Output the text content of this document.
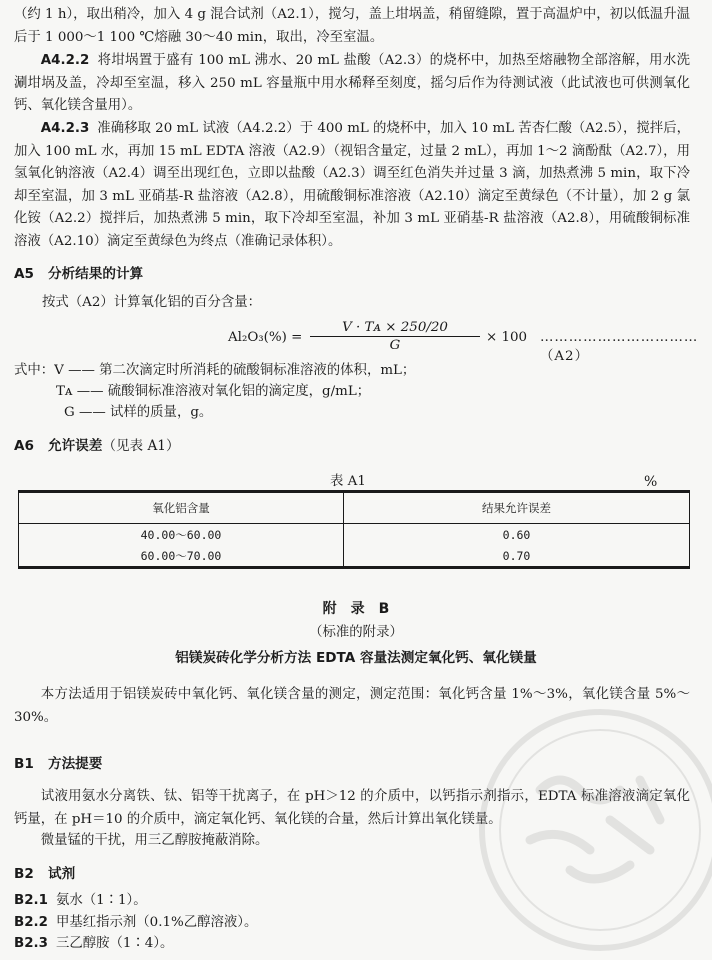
（约 1 h），取出稍冷，加入 4 g 混合试剂（A2.1），搅匀，盖上坩埚盖，稍留缝隙，置于高温炉中，初以低温升温后于 1 000～1 100 ℃熔融 30～40 min，取出，冷至室温。

A4.2.2 将坩埚置于盛有 100 mL 沸水、20 mL 盐酸（A2.3）的烧杯中，加热至熔融物全部溶解，用水洗涮坩埚及盖，冷却至室温，移入 250 mL 容量瓶中用水稀释至刻度，摇匀后作为待测试液（此试液也可供测氧化钙、氧化镁含量用）。

A4.2.3 准确移取 20 mL 试液（A4.2.2）于 400 mL 的烧杯中，加入 10 mL 苦杏仁酸（A2.5），搅拌后，加入 100 mL 水，再加 15 mL EDTA 溶液（A2.9）（视铝含量定，过量 2 mL），再加 1～2 滴酚酞（A2.7），用氢氧化钠溶液（A2.4）调至出现红色，立即以盐酸（A2.3）调至红色消失并过量 3 滴，加热煮沸 5 min，取下冷却至室温，加 3 mL 亚硝基-R 盐溶液（A2.8），用硫酸铜标准溶液（A2.10）滴定至黄绿色（不计量），加 2 g 氯化铵（A2.2）搅拌后，加热煮沸 5 min，取下冷却至室温，补加 3 mL 亚硝基-R 盐溶液（A2.8），用硫酸铜标准溶液（A2.10）滴定至黄绿色为终点（准确记录体积）。

A5 分析结果的计算
按式（A2）计算氧化铝的百分含量：
$Al_2O_3(\%) = \frac{\text{V · Tᴀ × 250/20}}{G} \times 100$ ……………………………（A2）
式中：V —— 第二次滴定时所消耗的硫酸铜标准溶液的体积，mL；
Tᴀ —— 硫酸铜标准溶液对氧化铝的滴定度，g/mL；
G —— 试样的质量，g。
A6 允许误差（见表 A1）
表 A1	%
氧化铝含量	结果允许误差
40.00～60.00	0.60
60.00～70.00	0.70
附　录　B
（标准的附录）
铝镁炭砖化学分析方法 EDTA 容量法测定氧化钙、氧化镁量

本方法适用于铝镁炭砖中氧化钙、氧化镁含量的测定，测定范围：氧化钙含量 1%～3%，氧化镁含量 5%～30%。

B1 方法提要

试液用氨水分离铁、钛、铝等干扰离子，在 pH＞12 的介质中，以钙指示剂指示，EDTA 标准溶液滴定氧化钙量，在 pH＝10 的介质中，滴定氧化钙、氧化镁的合量，然后计算出氧化镁量。

微量锰的干扰，用三乙醇胺掩蔽消除。

B2 试剂
B2.1 氨水（1∶1）。
B2.2 甲基红指示剂（0.1%乙醇溶液）。
B2.3 三乙醇胺（1∶4）。
